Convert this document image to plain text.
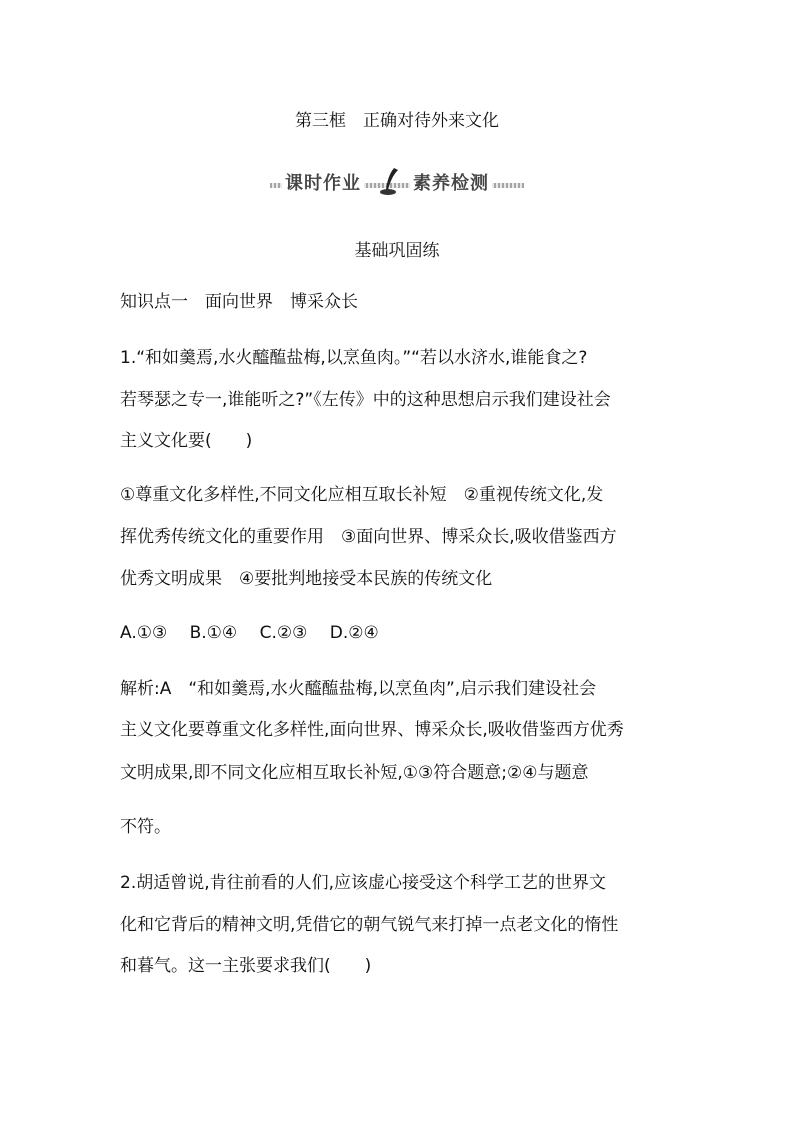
第三框　正确对待外来文化
课时作业	素养检测
基础巩固练
知识点一　面向世界　博采众长
1.“和如羹焉,水火醯醢盐梅,以烹鱼肉。”“若以水济水,谁能食之?
若琴瑟之专一,谁能听之?”《左传》中的这种思想启示我们建设社会
主义文化要(　　)
①尊重文化多样性,不同文化应相互取长补短　②重视传统文化,发
挥优秀传统文化的重要作用　③面向世界、博采众长,吸收借鉴西方
优秀文明成果　④要批判地接受本民族的传统文化
A.①③　 B.①④　 C.②③　 D.②④
解析:A　“和如羹焉,水火醯醢盐梅,以烹鱼肉”,启示我们建设社会
主义文化要尊重文化多样性,面向世界、博采众长,吸收借鉴西方优秀
文明成果,即不同文化应相互取长补短,①③符合题意;②④与题意
不符。
2.胡适曾说,肯往前看的人们,应该虚心接受这个科学工艺的世界文
化和它背后的精神文明,凭借它的朝气锐气来打掉一点老文化的惰性
和暮气。这一主张要求我们(　　)
